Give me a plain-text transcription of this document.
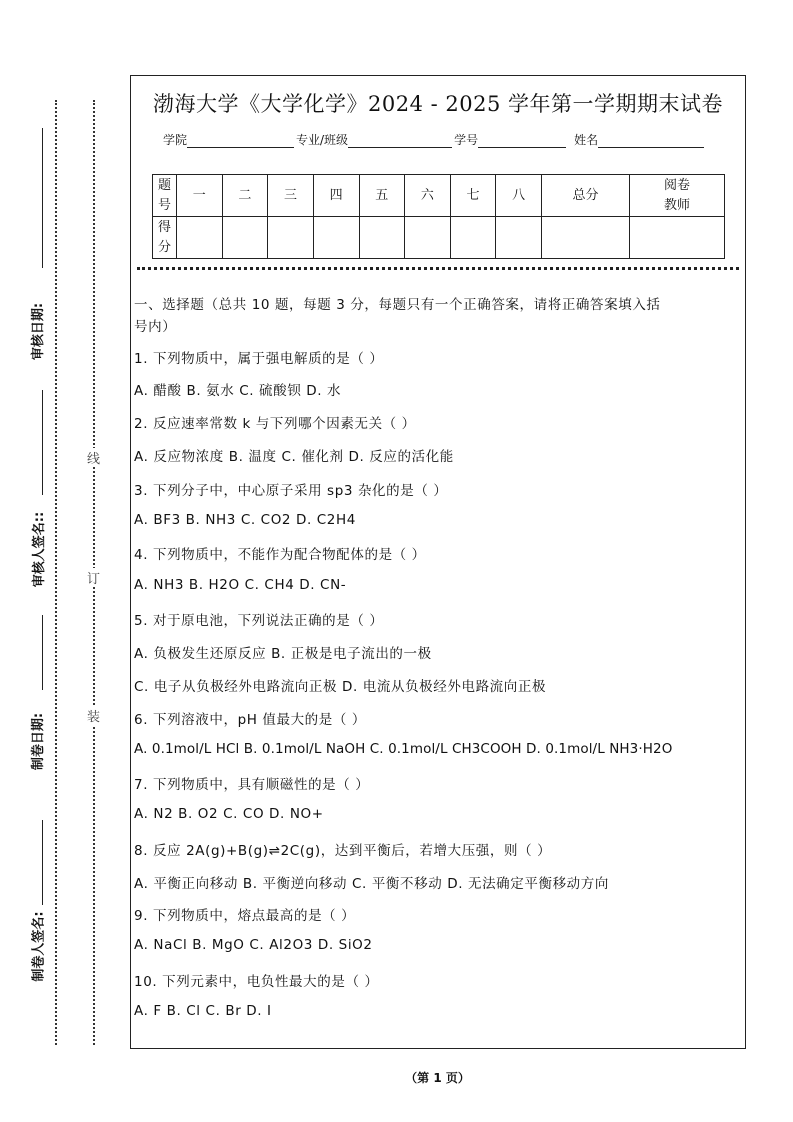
审核日期:
审核人签名::
制卷日期:
制卷人签名:
线
订
装
渤海大学《大学化学》2024 - 2025 学年第一学期期末试卷
学院	专业/班级	学号	姓名
题号	一	二	三	四	五	六	七	八	总分	阅卷教师
得分										
一、选择题（总共 10 题，每题 3 分，每题只有一个正确答案，请将正确答案填入括
号内）
1. 下列物质中，属于强电解质的是（ ）
A. 醋酸 B. 氨水 C. 硫酸钡 D. 水
2. 反应速率常数 k 与下列哪个因素无关（ ）
A. 反应物浓度 B. 温度 C. 催化剂 D. 反应的活化能
3. 下列分子中，中心原子采用 sp3 杂化的是（ ）
A. BF3 B. NH3 C. CO2 D. C2H4
4. 下列物质中，不能作为配合物配体的是（ ）
A. NH3 B. H2O C. CH4 D. CN-
5. 对于原电池，下列说法正确的是（ ）
A. 负极发生还原反应 B. 正极是电子流出的一极
C. 电子从负极经外电路流向正极 D. 电流从负极经外电路流向正极
6. 下列溶液中，pH 值最大的是（ ）
A. 0.1mol/L HCl B. 0.1mol/L NaOH C. 0.1mol/L CH3COOH D. 0.1mol/L NH3·H2O
7. 下列物质中，具有顺磁性的是（ ）
A. N2 B. O2 C. CO D. NO+
8. 反应 2A(g)+B(g)⇌2C(g)，达到平衡后，若增大压强，则（ ）
A. 平衡正向移动 B. 平衡逆向移动 C. 平衡不移动 D. 无法确定平衡移动方向
9. 下列物质中，熔点最高的是（ ）
A. NaCl B. MgO C. Al2O3 D. SiO2
10. 下列元素中，电负性最大的是（ ）
A. F B. Cl C. Br D. I
（第 1 页）
